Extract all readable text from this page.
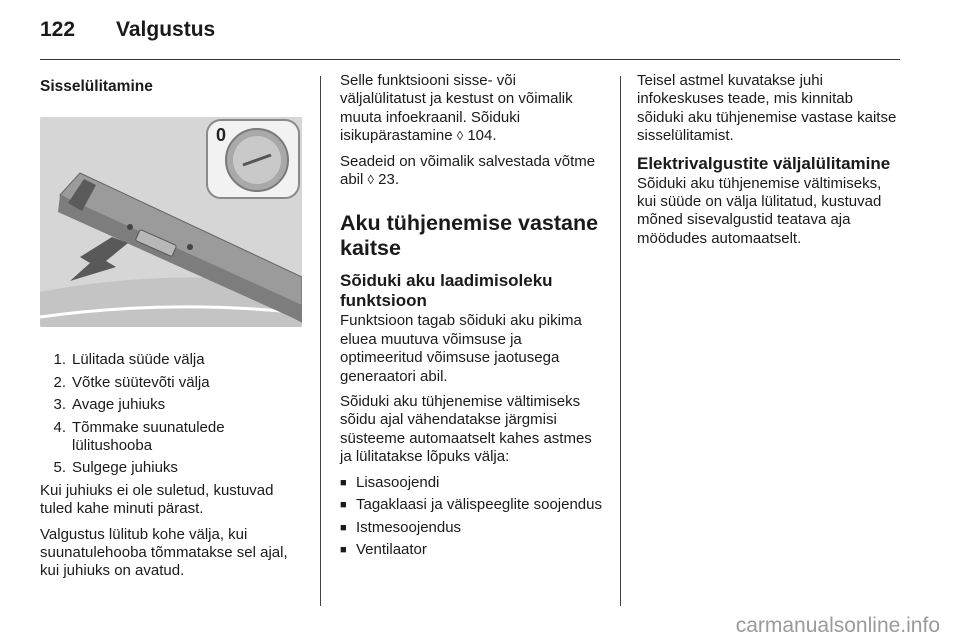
122 Valgustus
Sisselülitamine
0
1. Lülitada süüde välja
2. Võtke süütevõti välja
3. Avage juhiuks
4. Tõmmake suunatulede lülitushooba
5. Sulgege juhiuks

Kui juhiuks ei ole suletud, kustuvad tuled kahe minuti pärast.

Valgustus lülitub kohe välja, kui suunatulehooba tõmmatakse sel ajal, kui juhiuks on avatud.

Selle funktsiooni sisse- või väljalülitatust ja kestust on võimalik muuta infoekraanil. Sõiduki isikupärastamine ◊ 104.

Seadeid on võimalik salvestada võtme abil ◊ 23.

Aku tühjenemise vastane kaitse
Sõiduki aku laadimisoleku funktsioon

Funktsioon tagab sõiduki aku pikima eluea muutuva võimsuse ja optimeeritud võimsuse jaotusega generaatori abil.

Sõiduki aku tühjenemise vältimiseks sõidu ajal vähendatakse järgmisi süsteeme automaatselt kahes astmes ja lülitatakse lõpuks välja:

■ Lisasoojendi
■ Tagaklaasi ja välispeeglite soojendus
■ Istmesoojendus
■ Ventilaator

Teisel astmel kuvatakse juhi infokeskuses teade, mis kinnitab sõiduki aku tühjenemise vastase kaitse sisselülitamist.

Elektrivalgustite väljalülitamine

Sõiduki aku tühjenemise vältimiseks, kui süüde on välja lülitatud, kustuvad mõned sisevalgustid teatava aja möödudes automaatselt.

carmanualsonline.info
